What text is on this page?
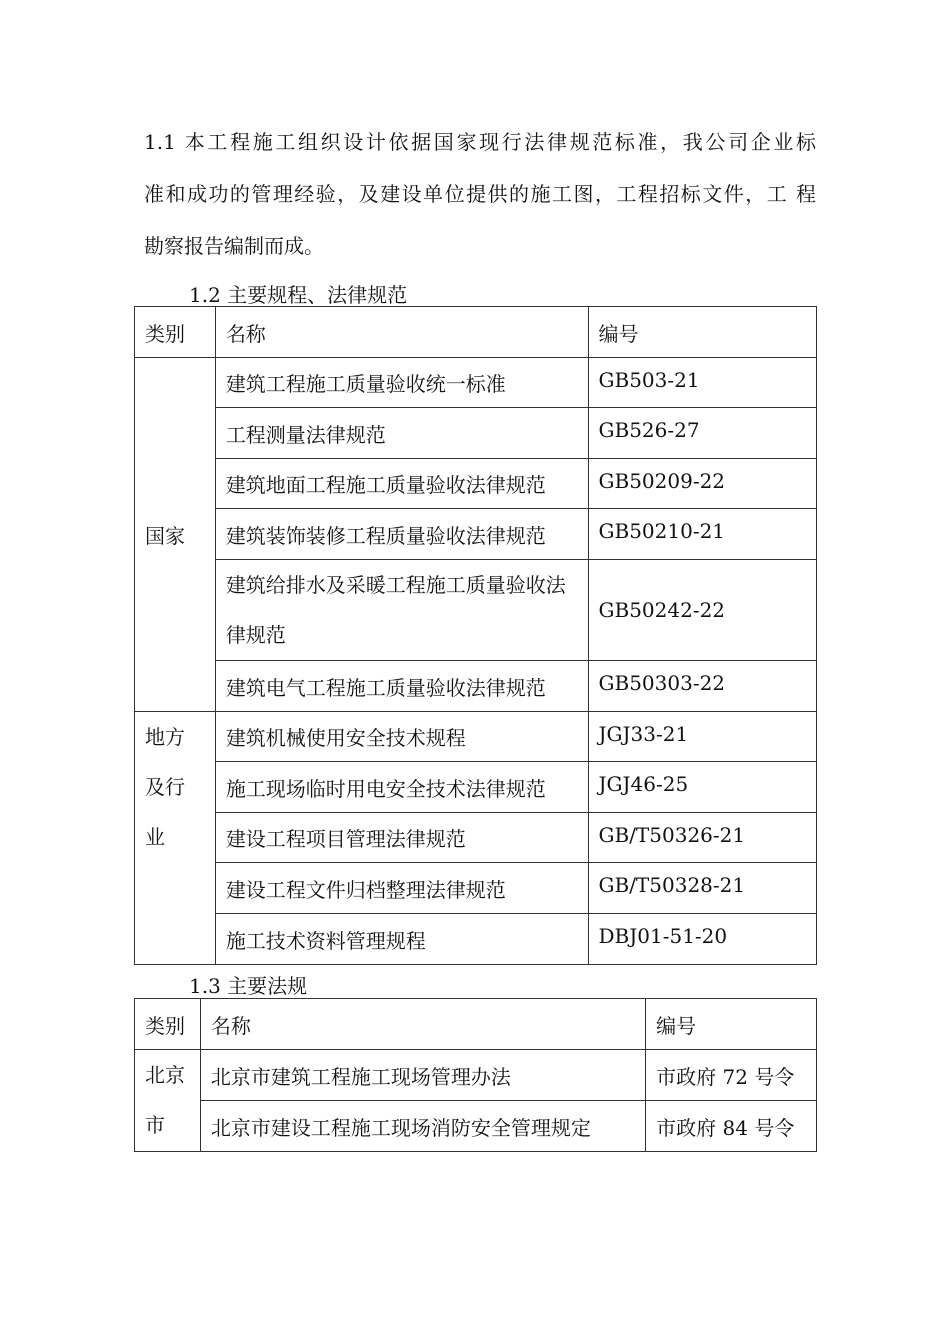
1.1 本工程施工组织设计依据国家现行法律规范标准，我公司企业标
准和成功的管理经验，及建设单位提供的施工图，工程招标文件，工 程
勘察报告编制而成。

1.2 主要规程、法律规范

类别	名称	编号
国家	建筑工程施工质量验收统一标准	GB503-21
	工程测量法律规范	GB526-27
	建筑地面工程施工质量验收法律规范	GB50209-22
	建筑装饰装修工程质量验收法律规范	GB50210-21
	建筑给排水及采暖工程施工质量验收法律规范	GB50242-22
	建筑电气工程施工质量验收法律规范	GB50303-22
地方及行业	建筑机械使用安全技术规程	JGJ33-21
	施工现场临时用电安全技术法律规范	JGJ46-25
	建设工程项目管理法律规范	GB/T50326-21
	建设工程文件归档整理法律规范	GB/T50328-21
	施工技术资料管理规程	DBJ01-51-20

1.3 主要法规

类别	名称	编号
北京市	北京市建筑工程施工现场管理办法	市政府 72 号令
	北京市建设工程施工现场消防安全管理规定	市政府 84 号令
